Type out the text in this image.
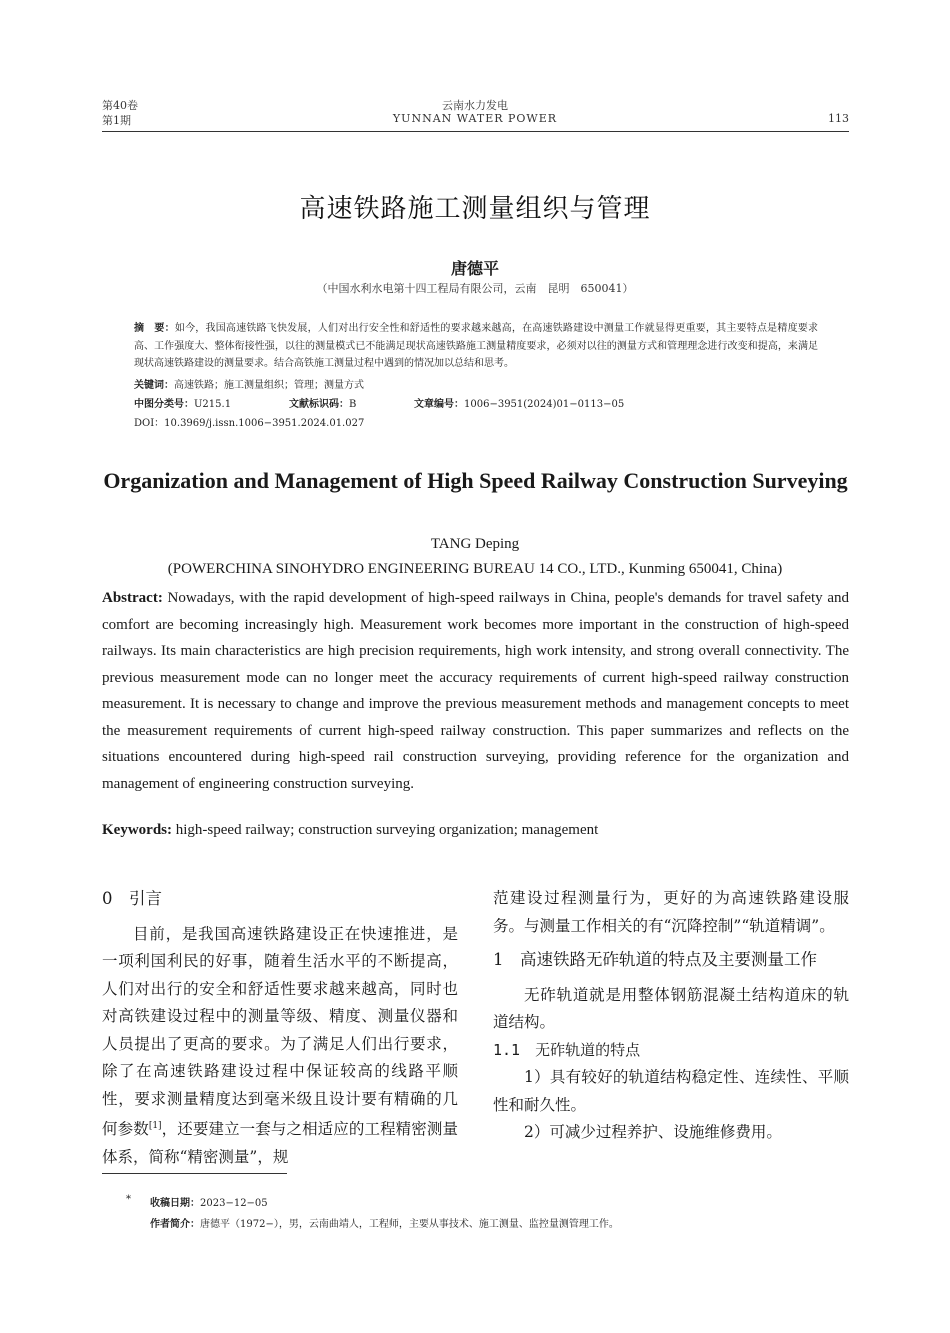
第40卷
第1期
云南水力发电
YUNNAN WATER POWER	113
高速铁路施工测量组织与管理
唐德平
（中国水利水电第十四工程局有限公司，云南　昆明　650041）
摘　要：如今，我国高速铁路飞快发展，人们对出行安全性和舒适性的要求越来越高，在高速铁路建设中测量工作就显得更重要，其主要特点是精度要求高、工作强度大、整体衔接性强，以往的测量模式已不能满足现状高速铁路施工测量精度要求，必须对以往的测量方式和管理理念进行改变和提高，来满足现状高速铁路建设的测量要求。结合高铁施工测量过程中遇到的情况加以总结和思考。
关键词：高速铁路；施工测量组织；管理；测量方式
中图分类号：U215.1	文献标识码：B	文章编号：1006−3951(2024)01−0113−05
DOI：10.3969/j.issn.1006−3951.2024.01.027
Organization and Management of High Speed Railway Construction Surveying
TANG Deping
(POWERCHINA SINOHYDRO ENGINEERING BUREAU 14 CO., LTD., Kunming 650041, China)
Abstract: Nowadays, with the rapid development of high-speed railways in China, people's demands for travel safety and comfort are becoming increasingly high. Measurement work becomes more important in the construction of high-speed railways. Its main characteristics are high precision requirements, high work intensity, and strong overall connectivity. The previous measurement mode can no longer meet the accuracy requirements of current high-speed railway construction measurement. It is necessary to change and improve the previous measurement methods and management concepts to meet the measurement requirements of current high-speed railway construction. This paper summarizes and reflects on the situations encountered during high-speed rail construction surveying, providing reference for the organization and management of engineering construction surveying.
Keywords: high-speed railway; construction surveying organization; management

0　引言

目前，是我国高速铁路建设正在快速推进，是一项利国利民的好事，随着生活水平的不断提高，人们对出行的安全和舒适性要求越来越高，同时也对高铁建设过程中的测量等级、精度、测量仪器和人员提出了更高的要求。为了满足人们出行要求，除了在高速铁路建设过程中保证较高的线路平顺性，要求测量精度达到毫米级且设计要有精确的几何参数[1]，还要建立一套与之相适应的工程精密测量体系，简称“精密测量”，规

范建设过程测量行为，更好的为高速铁路建设服务。与测量工作相关的有“沉降控制”“轨道精调”。

1　高速铁路无砟轨道的特点及主要测量工作

无砟轨道就是用整体钢筋混凝土结构道床的轨道结构。

1.1　无砟轨道的特点

1）具有较好的轨道结构稳定性、连续性、平顺性和耐久性。

2）可减少过程养护、设施维修费用。

* 收稿日期：2023−12−05
作者简介：唐德平（1972−），男，云南曲靖人，工程师，主要从事技术、施工测量、监控量测管理工作。
